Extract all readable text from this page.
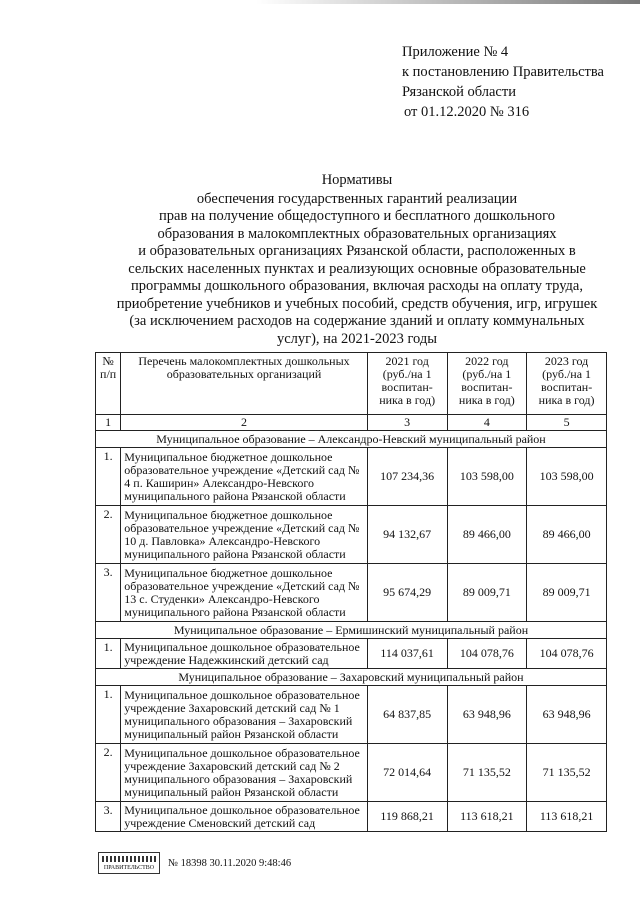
Приложение № 4
к постановлению Правительства
Рязанской области
от 01.12.2020 № 316
Нормативы
обеспечения государственных гарантий реализации
прав на получение общедоступного и бесплатного дошкольного
образования в малокомплектных образовательных организациях
и образовательных организациях Рязанской области, расположенных в
сельских населенных пунктах и реализующих основные образовательные
программы дошкольного образования, включая расходы на оплату труда,
приобретение учебников и учебных пособий, средств обучения, игр, игрушек
(за исключением расходов на содержание зданий и оплату коммунальных
услуг), на 2021-2023 годы
№ п/п	Перечень малокомплектных дошкольных образовательных организаций	2021 год (руб./на 1 воспитан-ника в год)	2022 год (руб./на 1 воспитан-ника в год)	2023 год (руб./на 1 воспитан-ника в год)
1	2	3	4	5
Муниципальное образование – Александро-Невский муниципальный район				
1.	Муниципальное бюджетное дошкольное образовательное учреждение «Детский сад № 4 п. Каширин» Александро-Невского муниципального района Рязанской области	107 234,36	103 598,00	103 598,00
2.	Муниципальное бюджетное дошкольное образовательное учреждение «Детский сад № 10 д. Павловка» Александро-Невского муниципального района Рязанской области	94 132,67	89 466,00	89 466,00
3.	Муниципальное бюджетное дошкольное образовательное учреждение «Детский сад № 13 с. Студенки» Александро-Невского муниципального района Рязанской области	95 674,29	89 009,71	89 009,71
Муниципальное образование – Ермишинский муниципальный район				
1.	Муниципальное дошкольное образовательное учреждение Надежкинский детский сад	114 037,61	104 078,76	104 078,76
Муниципальное образование – Захаровский муниципальный район				
1.	Муниципальное дошкольное образовательное учреждение Захаровский детский сад № 1 муниципального образования – Захаровский муниципальный район Рязанской области	64 837,85	63 948,96	63 948,96
2.	Муниципальное дошкольное образовательное учреждение Захаровский детский сад № 2 муниципального образования – Захаровский муниципальный район Рязанской области	72 014,64	71 135,52	71 135,52
3.	Муниципальное дошкольное образовательное учреждение Сменовский детский сад	119 868,21	113 618,21	113 618,21
ПРАВИТЕЛЬСТВО № 18398 30.11.2020 9:48:46
